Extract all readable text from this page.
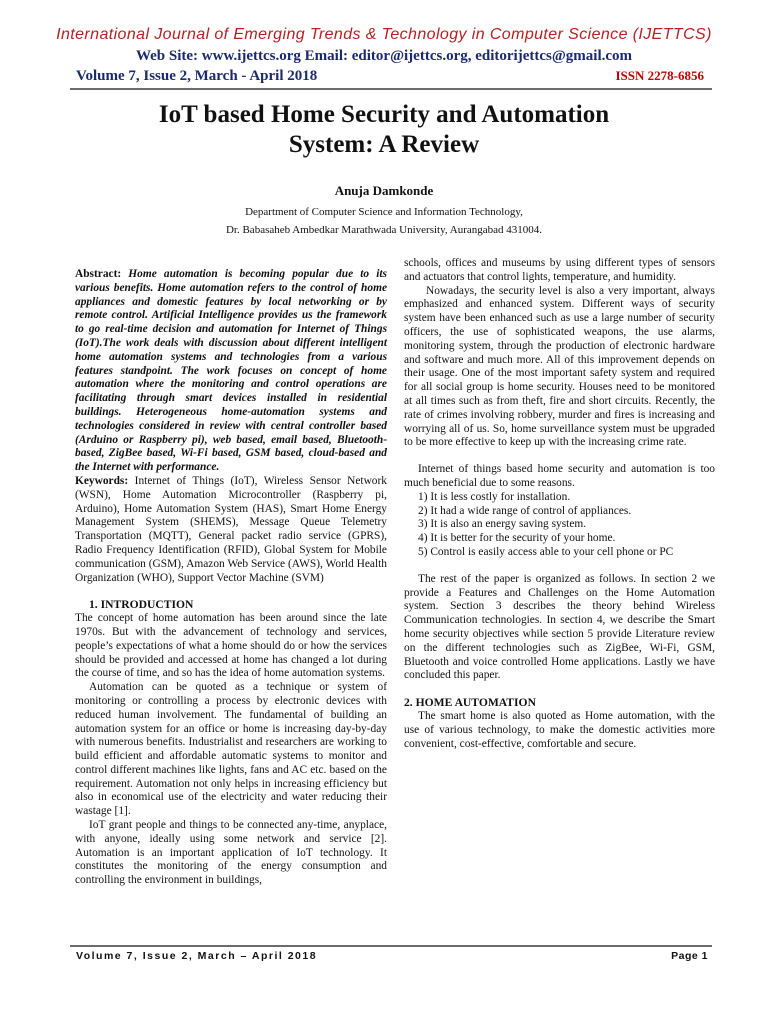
International Journal of Emerging Trends & Technology in Computer Science (IJETTCS)
Web Site: www.ijettcs.org Email: editor@ijettcs.org, editorijettcs@gmail.com
Volume 7, Issue 2, March - April 2018	ISSN 2278-6856
IoT based Home Security and Automation
System: A Review
Anuja Damkonde
Department of Computer Science and Information Technology,
Dr. Babasaheb Ambedkar Marathwada University, Aurangabad 431004.

Abstract: Home automation is becoming popular due to its various benefits. Home automation refers to the control of home appliances and domestic features by local networking or by remote control. Artificial Intelligence provides us the framework to go real-time decision and automation for Internet of Things (IoT).The work deals with discussion about different intelligent home automation systems and technologies from a various features standpoint. The work focuses on concept of home automation where the monitoring and control operations are facilitating through smart devices installed in residential buildings. Heterogeneous home-automation systems and technologies considered in review with central controller based (Arduino or Raspberry pi), web based, email based, Bluetooth-based, ZigBee based, Wi-Fi based, GSM based, cloud-based and the Internet with performance.

Keywords: Internet of Things (IoT), Wireless Sensor Network (WSN), Home Automation Microcontroller (Raspberry pi, Arduino), Home Automation System (HAS), Smart Home Energy Management System (SHEMS), Message Queue Telemetry Transportation (MQTT), General packet radio service (GPRS), Radio Frequency Identification (RFID), Global System for Mobile communication (GSM), Amazon Web Service (AWS), World Health Organization (WHO), Support Vector Machine (SVM)

1. INTRODUCTION

The concept of home automation has been around since the late 1970s. But with the advancement of technology and services, people’s expectations of what a home should do or how the services should be provided and accessed at home has changed a lot during the course of time, and so has the idea of home automation systems.

Automation can be quoted as a technique or system of monitoring or controlling a process by electronic devices with reduced human involvement. The fundamental of building an automation system for an office or home is increasing day-by-day with numerous benefits. Industrialist and researchers are working to build efficient and affordable automatic systems to monitor and control different machines like lights, fans and AC etc. based on the requirement. Automation not only helps in increasing efficiency but also in economical use of the electricity and water reducing their wastage [1].

IoT grant people and things to be connected any-time, anyplace, with anyone, ideally using some network and service [2]. Automation is an important application of IoT technology. It constitutes the monitoring of the energy consumption and controlling the environment in buildings,

schools, offices and museums by using different types of sensors and actuators that control lights, temperature, and humidity.

Nowadays, the security level is also a very important, always emphasized and enhanced system. Different ways of security system have been enhanced such as use a large number of security officers, the use of sophisticated weapons, the use alarms, monitoring system, through the production of electronic hardware and software and much more. All of this improvement depends on their usage. One of the most important safety system and required for all social group is home security. Houses need to be monitored at all times such as from theft, fire and short circuits. Recently, the rate of crimes involving robbery, murder and fires is increasing and worrying all of us. So, home surveillance system must be upgraded to be more effective to keep up with the increasing crime rate.

Internet of things based home security and automation is too much beneficial due to some reasons.

1) It is less costly for installation.
2) It had a wide range of control of appliances.
3) It is also an energy saving system.
4) It is better for the security of your home.
5) Control is easily access able to your cell phone or PC

The rest of the paper is organized as follows. In section 2 we provide a Features and Challenges on the Home Automation system. Section 3 describes the theory behind Wireless Communication technologies. In section 4, we describe the Smart home security objectives while section 5 provide Literature review on the different technologies such as ZigBee, Wi-Fi, GSM, Bluetooth and voice controlled Home applications. Lastly we have concluded this paper.

2. HOME AUTOMATION

The smart home is also quoted as Home automation, with the use of various technology, to make the domestic activities more convenient, cost-effective, comfortable and secure.

Volume 7, Issue 2, March – April 2018	Page 1
